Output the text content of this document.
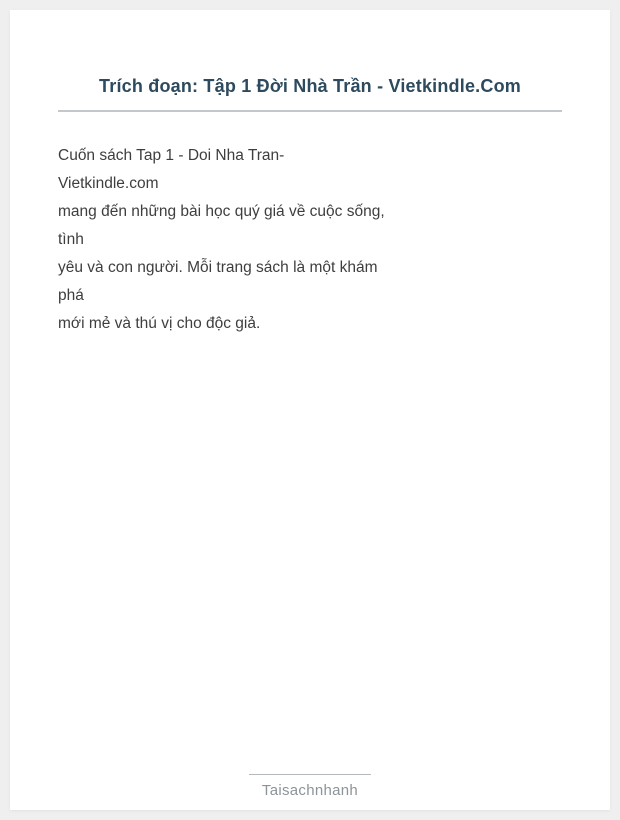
Trích đoạn: Tập 1 Đời Nhà Trần - Vietkindle.Com
Cuốn sách Tap 1 - Doi Nha Tran-
Vietkindle.com
mang đến những bài học quý giá về cuộc sống,
tình
yêu và con người. Mỗi trang sách là một khám
phá
mới mẻ và thú vị cho độc giả.
Taisachnhanh
